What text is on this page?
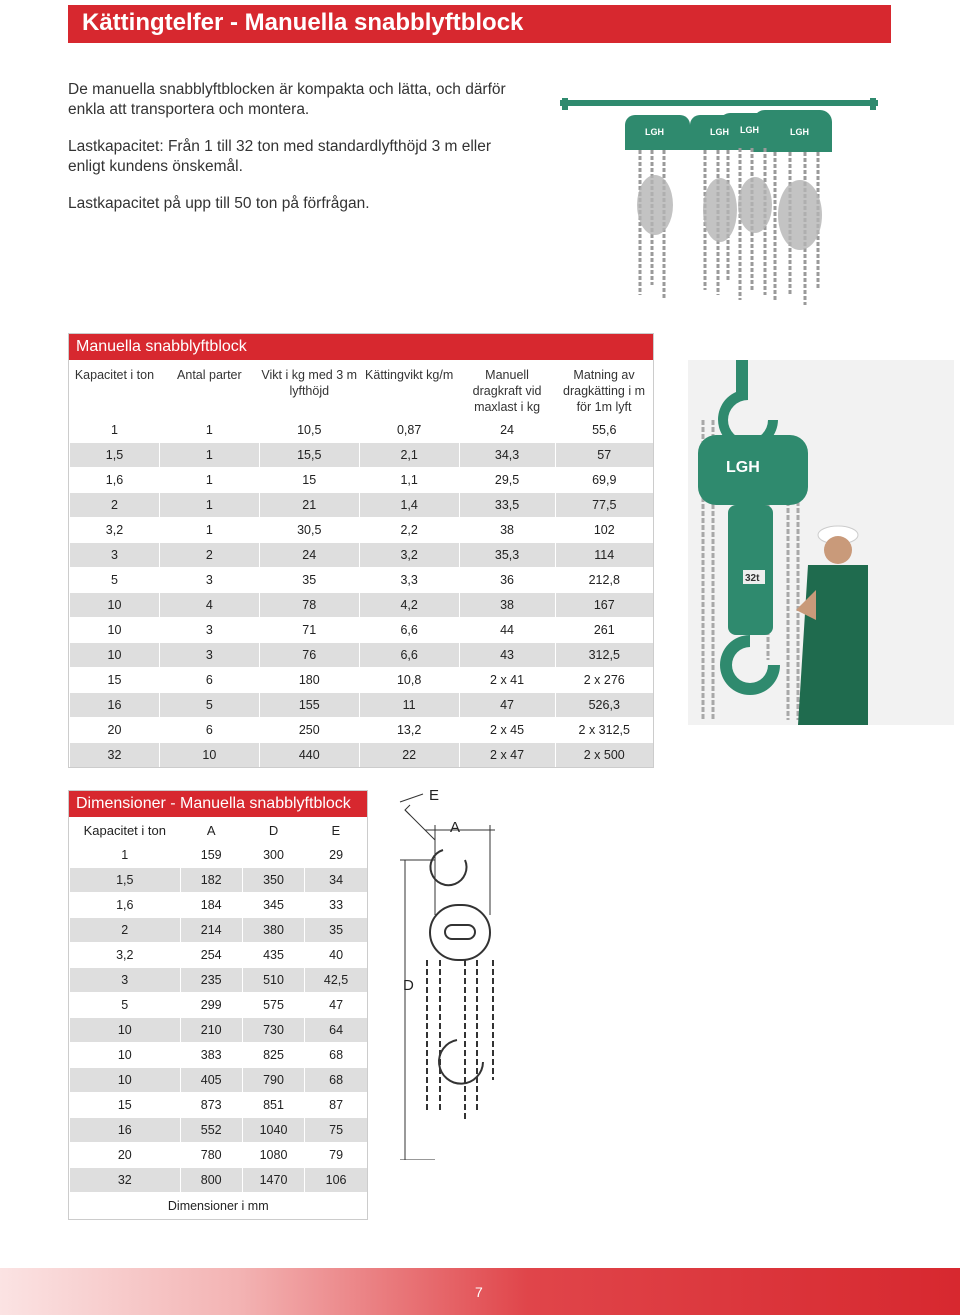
Kättingtelfer - Manuella snabblyftblock

De manuella snabblyftblocken är kompakta och lätta, och därför enkla att transportera och montera.

Lastkapacitet: Från 1 till 32 ton med standardlyfthöjd 3 m eller enligt kundens önskemål.

Lastkapacitet på upp till 50 ton på förfrågan.

LGH	LGH LGH	LGH
LGH
32t
Manuella snabblyftblock
Kapacitet i ton	Antal parter	Vikt i kg med 3 m lyfthöjd	Kättingvikt kg/m	Manuell dragkraft vid maxlast i kg	Matning av dragkätting i m för 1m lyft
1	1	10,5	0,87	24	55,6
1,5	1	15,5	2,1	34,3	57
1,6	1	15	1,1	29,5	69,9
2	1	21	1,4	33,5	77,5
3,2	1	30,5	2,2	38	102
3	2	24	3,2	35,3	114
5	3	35	3,3	36	212,8
10	4	78	4,2	38	167
10	3	71	6,6	44	261
10	3	76	6,6	43	312,5
15	6	180	10,8	2 x 41	2 x 276
16	5	155	11	47	526,3
20	6	250	13,2	2 x 45	2 x 312,5
32	10	440	22	2 x 47	2 x 500
Dimensioner - Manuella snabblyftblock
Kapacitet i ton	A	D	E
1	159	300	29
1,5	182	350	34
1,6	184	345	33
2	214	380	35
3,2	254	435	40
3	235	510	42,5
5	299	575	47
10	210	730	64
10	383	825	68
10	405	790	68
15	873	851	87
16	552	1040	75
20	780	1080	79
32	800	1470	106
Dimensioner i mm			
E
A
D
7
